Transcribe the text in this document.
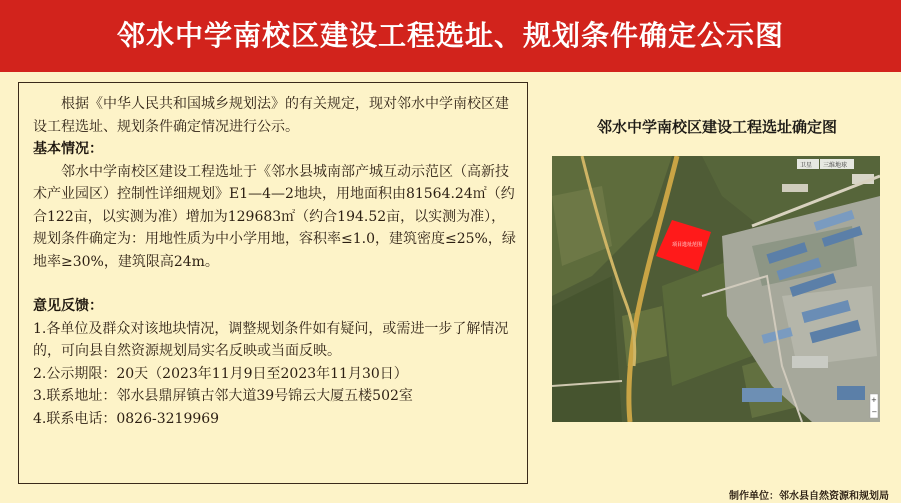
邻水中学南校区建设工程选址、规划条件确定公示图

根据《中华人民共和国城乡规划法》的有关规定，现对邻水中学南校区建设工程选址、规划条件确定情况进行公示。

基本情况：

邻水中学南校区建设工程选址于《邻水县城南部产城互动示范区（高新技术产业园区）控制性详细规划》E1—4—2地块，用地面积由81564.24㎡（约合122亩，以实测为准）增加为129683㎡（约合194.52亩，以实测为准），规划条件确定为：用地性质为中小学用地，容积率≤1.0，建筑密度≤25%，绿地率≥30%，建筑限高24m。

意见反馈：

1.各单位及群众对该地块情况，调整规划条件如有疑问，或需进一步了解情况的，可向县自然资源规划局实名反映或当面反映。

2.公示期限：20天（2023年11月9日至2023年11月30日）

3.联系地址：邻水县鼎屏镇古邻大道39号锦云大厦五楼502室

4.联系电话：0826-3219969

邻水中学南校区建设工程选址确定图
项目选址范围
卫星 三维地球
+
−
制作单位：邻水县自然资源和规划局
